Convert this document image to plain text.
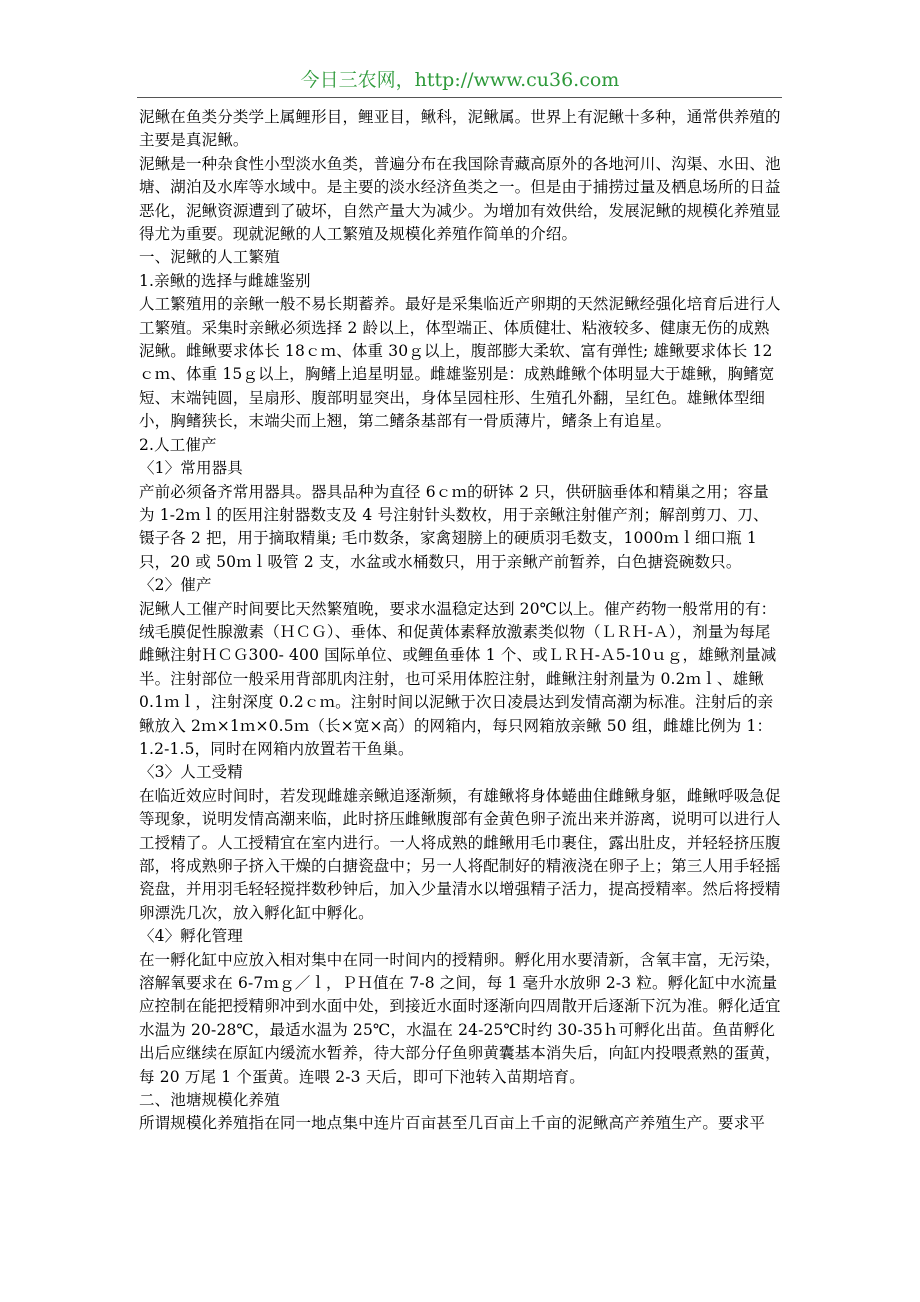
今日三农网，http://www.cu36.com

泥鳅在鱼类分类学上属鲤形目，鲤亚目，鳅科，泥鳅属。世界上有泥鳅十多种，通常供养殖的主要是真泥鳅。

泥鳅是一种杂食性小型淡水鱼类，普遍分布在我国除青藏高原外的各地河川、沟渠、水田、池塘、湖泊及水库等水域中。是主要的淡水经济鱼类之一。但是由于捕捞过量及栖息场所的日益恶化，泥鳅资源遭到了破坏，自然产量大为减少。为增加有效供给，发展泥鳅的规模化养殖显得尤为重要。现就泥鳅的人工繁殖及规模化养殖作简单的介绍。

一、泥鳅的人工繁殖

1.亲鳅的选择与雌雄鉴别

人工繁殖用的亲鳅一般不易长期蓄养。最好是采集临近产卵期的天然泥鳅经强化培育后进行人工繁殖。采集时亲鳅必须选择 2 龄以上，体型端正、体质健壮、粘液较多、健康无伤的成熟泥鳅。雌鳅要求体长 18ｃｍ、体重 30ｇ以上，腹部膨大柔软、富有弹性; 雄鳅要求体长 12ｃｍ、体重 15ｇ以上，胸鳍上追星明显。雌雄鉴别是：成熟雌鳅个体明显大于雄鳅，胸鳍宽短、末端钝圆，呈扇形、腹部明显突出，身体呈园柱形、生殖孔外翻，呈红色。雄鳅体型细小，胸鳍狭长，末端尖而上翘，第二鳍条基部有一骨质薄片，鳍条上有追星。

2.人工催产

〈1〉常用器具

产前必须备齐常用器具。器具品种为直径 6ｃｍ的研钵 2 只，供研脑垂体和精巢之用；容量为 1-2ｍｌ的医用注射器数支及 4 号注射针头数枚，用于亲鳅注射催产剂；解剖剪刀、刀、镊子各 2 把，用于摘取精巢; 毛巾数条，家禽翅膀上的硬质羽毛数支，1000ｍｌ细口瓶 1 只，20 或 50ｍｌ吸管 2 支，水盆或水桶数只，用于亲鳅产前暂养，白色搪瓷碗数只。

〈2〉催产

泥鳅人工催产时间要比天然繁殖晚，要求水温稳定达到 20℃以上。催产药物一般常用的有：绒毛膜促性腺激素（ＨＣＧ）、垂体、和促黄体素释放激素类似物（ＬＲＨ-Ａ），剂量为每尾雌鳅注射ＨＣＧ300- 400 国际单位、或鲤鱼垂体 1 个、或ＬＲＨ-Ａ5-10ｕｇ，雄鳅剂量减半。注射部位一般采用背部肌肉注射，也可采用体腔注射，雌鳅注射剂量为 0.2ｍｌ、雄鳅 0.1ｍｌ，注射深度 0.2ｃｍ。注射时间以泥鳅于次日凌晨达到发情高潮为标准。注射后的亲鳅放入 2ｍ×1ｍ×0.5ｍ（长×宽×高）的网箱内，每只网箱放亲鳅 50 组，雌雄比例为 1：1.2-1.5，同时在网箱内放置若干鱼巢。

〈3〉人工受精

在临近效应时间时，若发现雌雄亲鳅追逐渐频，有雄鳅将身体蜷曲住雌鳅身躯，雌鳅呼吸急促等现象，说明发情高潮来临，此时挤压雌鳅腹部有金黄色卵子流出来并游离，说明可以进行人工授精了。人工授精宜在室内进行。一人将成熟的雌鳅用毛巾裹住，露出肚皮，并轻轻挤压腹部，将成熟卵子挤入干燥的白搪瓷盘中；另一人将配制好的精液浇在卵子上；第三人用手轻摇瓷盘，并用羽毛轻轻搅拌数秒钟后，加入少量清水以增强精子活力，提高授精率。然后将授精卵漂洗几次，放入孵化缸中孵化。

〈4〉孵化管理

在一孵化缸中应放入相对集中在同一时间内的授精卵。孵化用水要清新，含氧丰富，无污染，溶解氧要求在 6-7ｍｇ／ｌ，ＰＨ值在 7-8 之间，每 1 毫升水放卵 2-3 粒。孵化缸中水流量应控制在能把授精卵冲到水面中处，到接近水面时逐渐向四周散开后逐渐下沉为准。孵化适宜水温为 20-28℃，最适水温为 25℃，水温在 24-25℃时约 30-35ｈ可孵化出苗。鱼苗孵化出后应继续在原缸内缓流水暂养，待大部分仔鱼卵黄囊基本消失后，向缸内投喂煮熟的蛋黄，每 20 万尾 1 个蛋黄。连喂 2-3 天后，即可下池转入苗期培育。

二、池塘规模化养殖

所谓规模化养殖指在同一地点集中连片百亩甚至几百亩上千亩的泥鳅高产养殖生产。要求平
